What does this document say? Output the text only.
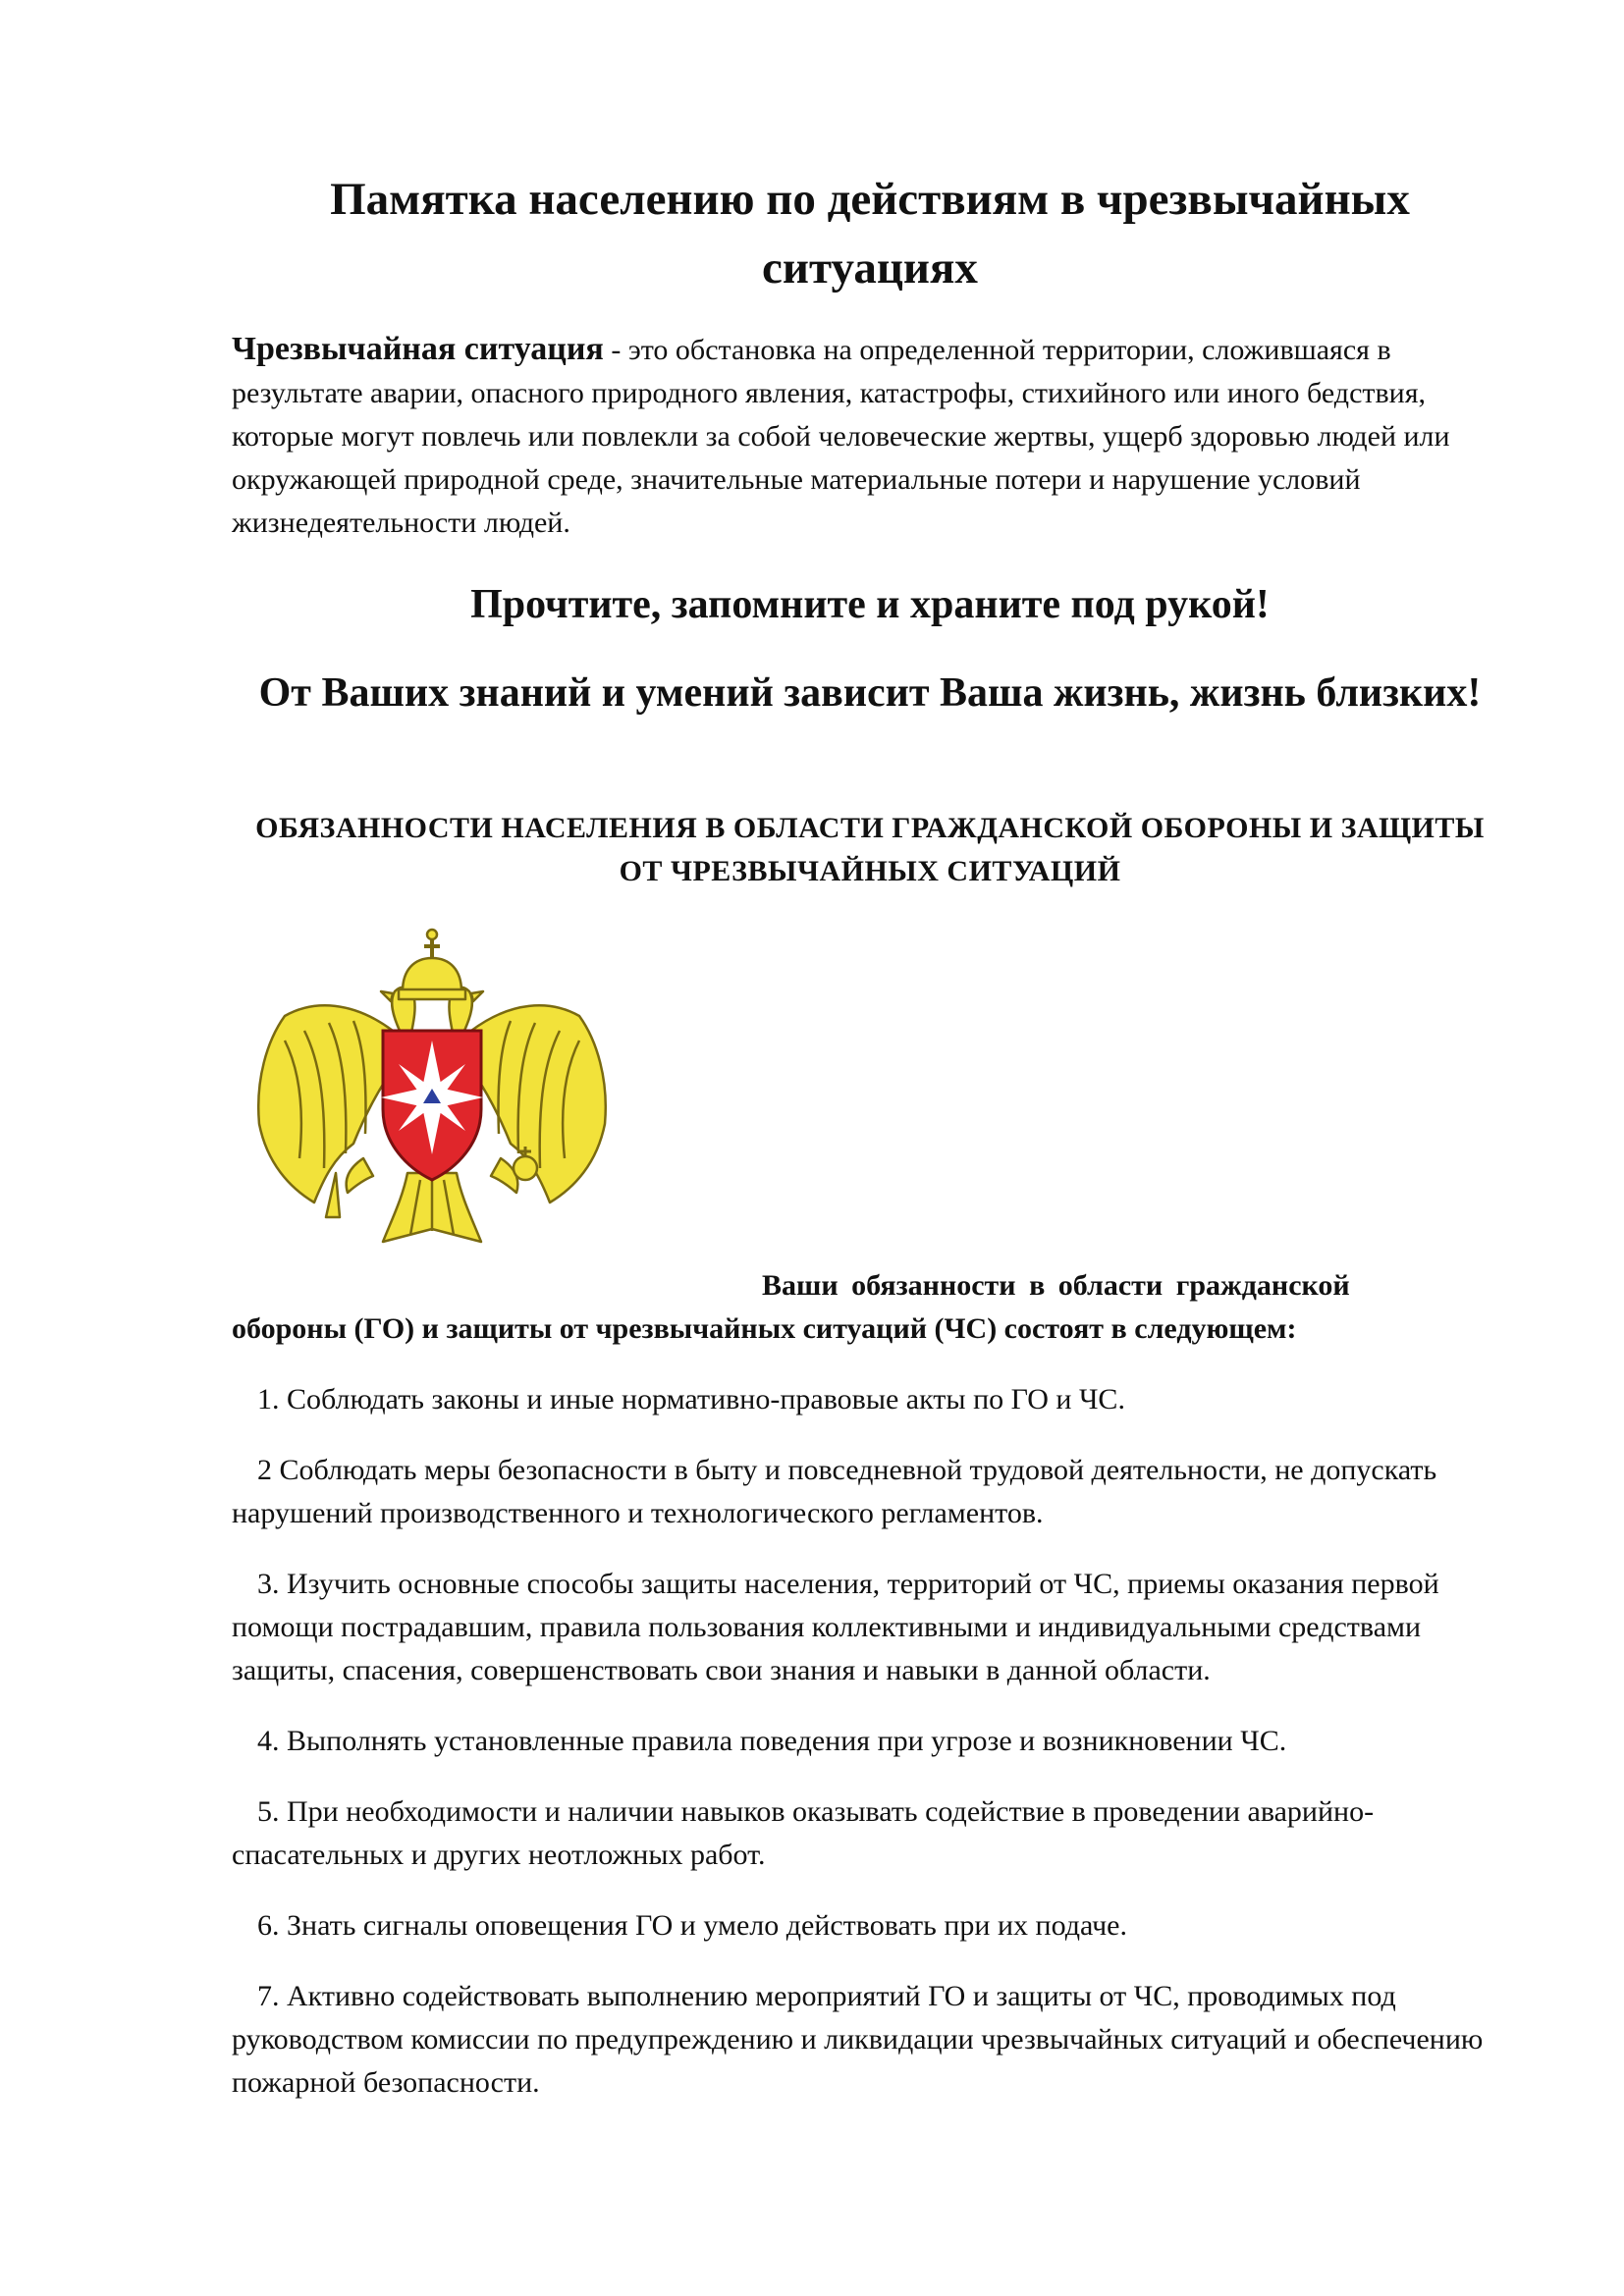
Памятка населению по действиям в чрезвычайных ситуациях

Чрезвычайная ситуация - это обстановка на определенной территории, сложившаяся в результате аварии, опасного природного явления, катастрофы, стихийного или иного бедствия, которые могут повлечь или повлекли за собой человеческие жертвы, ущерб здоровью людей или окружающей природной среде, значительные материальные потери и нарушение условий жизнедеятельности людей.

Прочтите, запомните и храните под рукой!
От Ваших знаний и умений зависит Ваша жизнь, жизнь близких!
ОБЯЗАННОСТИ НАСЕЛЕНИЯ В ОБЛАСТИ ГРАЖДАНСКОЙ ОБОРОНЫ И ЗАЩИТЫ ОТ ЧРЕЗВЫЧАЙНЫХ СИТУАЦИЙ

Ваши обязанности в области гражданской
обороны (ГО) и защиты от чрезвычайных ситуаций (ЧС) состоят в следующем:

1. Соблюдать законы и иные нормативно-правовые акты по ГО и ЧС.
2 Соблюдать меры безопасности в быту и повседневной трудовой деятельности, не допускать нарушений производственного и технологического регламентов.
3. Изучить основные способы защиты населения, территорий от ЧС, приемы оказания первой помощи пострадавшим, правила пользования коллективными и индивидуальными средствами защиты, спасения, совершенствовать свои знания и навыки в данной области.
4. Выполнять установленные правила поведения при угрозе и возникновении ЧС.
5. При необходимости и наличии навыков оказывать содействие в проведении аварийно-спасательных и других неотложных работ.
6. Знать сигналы оповещения ГО и умело действовать при их подаче.
7. Активно содействовать выполнению мероприятий ГО и защиты от ЧС, проводимых под руководством комиссии по предупреждению и ликвидации чрезвычайных ситуаций и обеспечению пожарной безопасности.
